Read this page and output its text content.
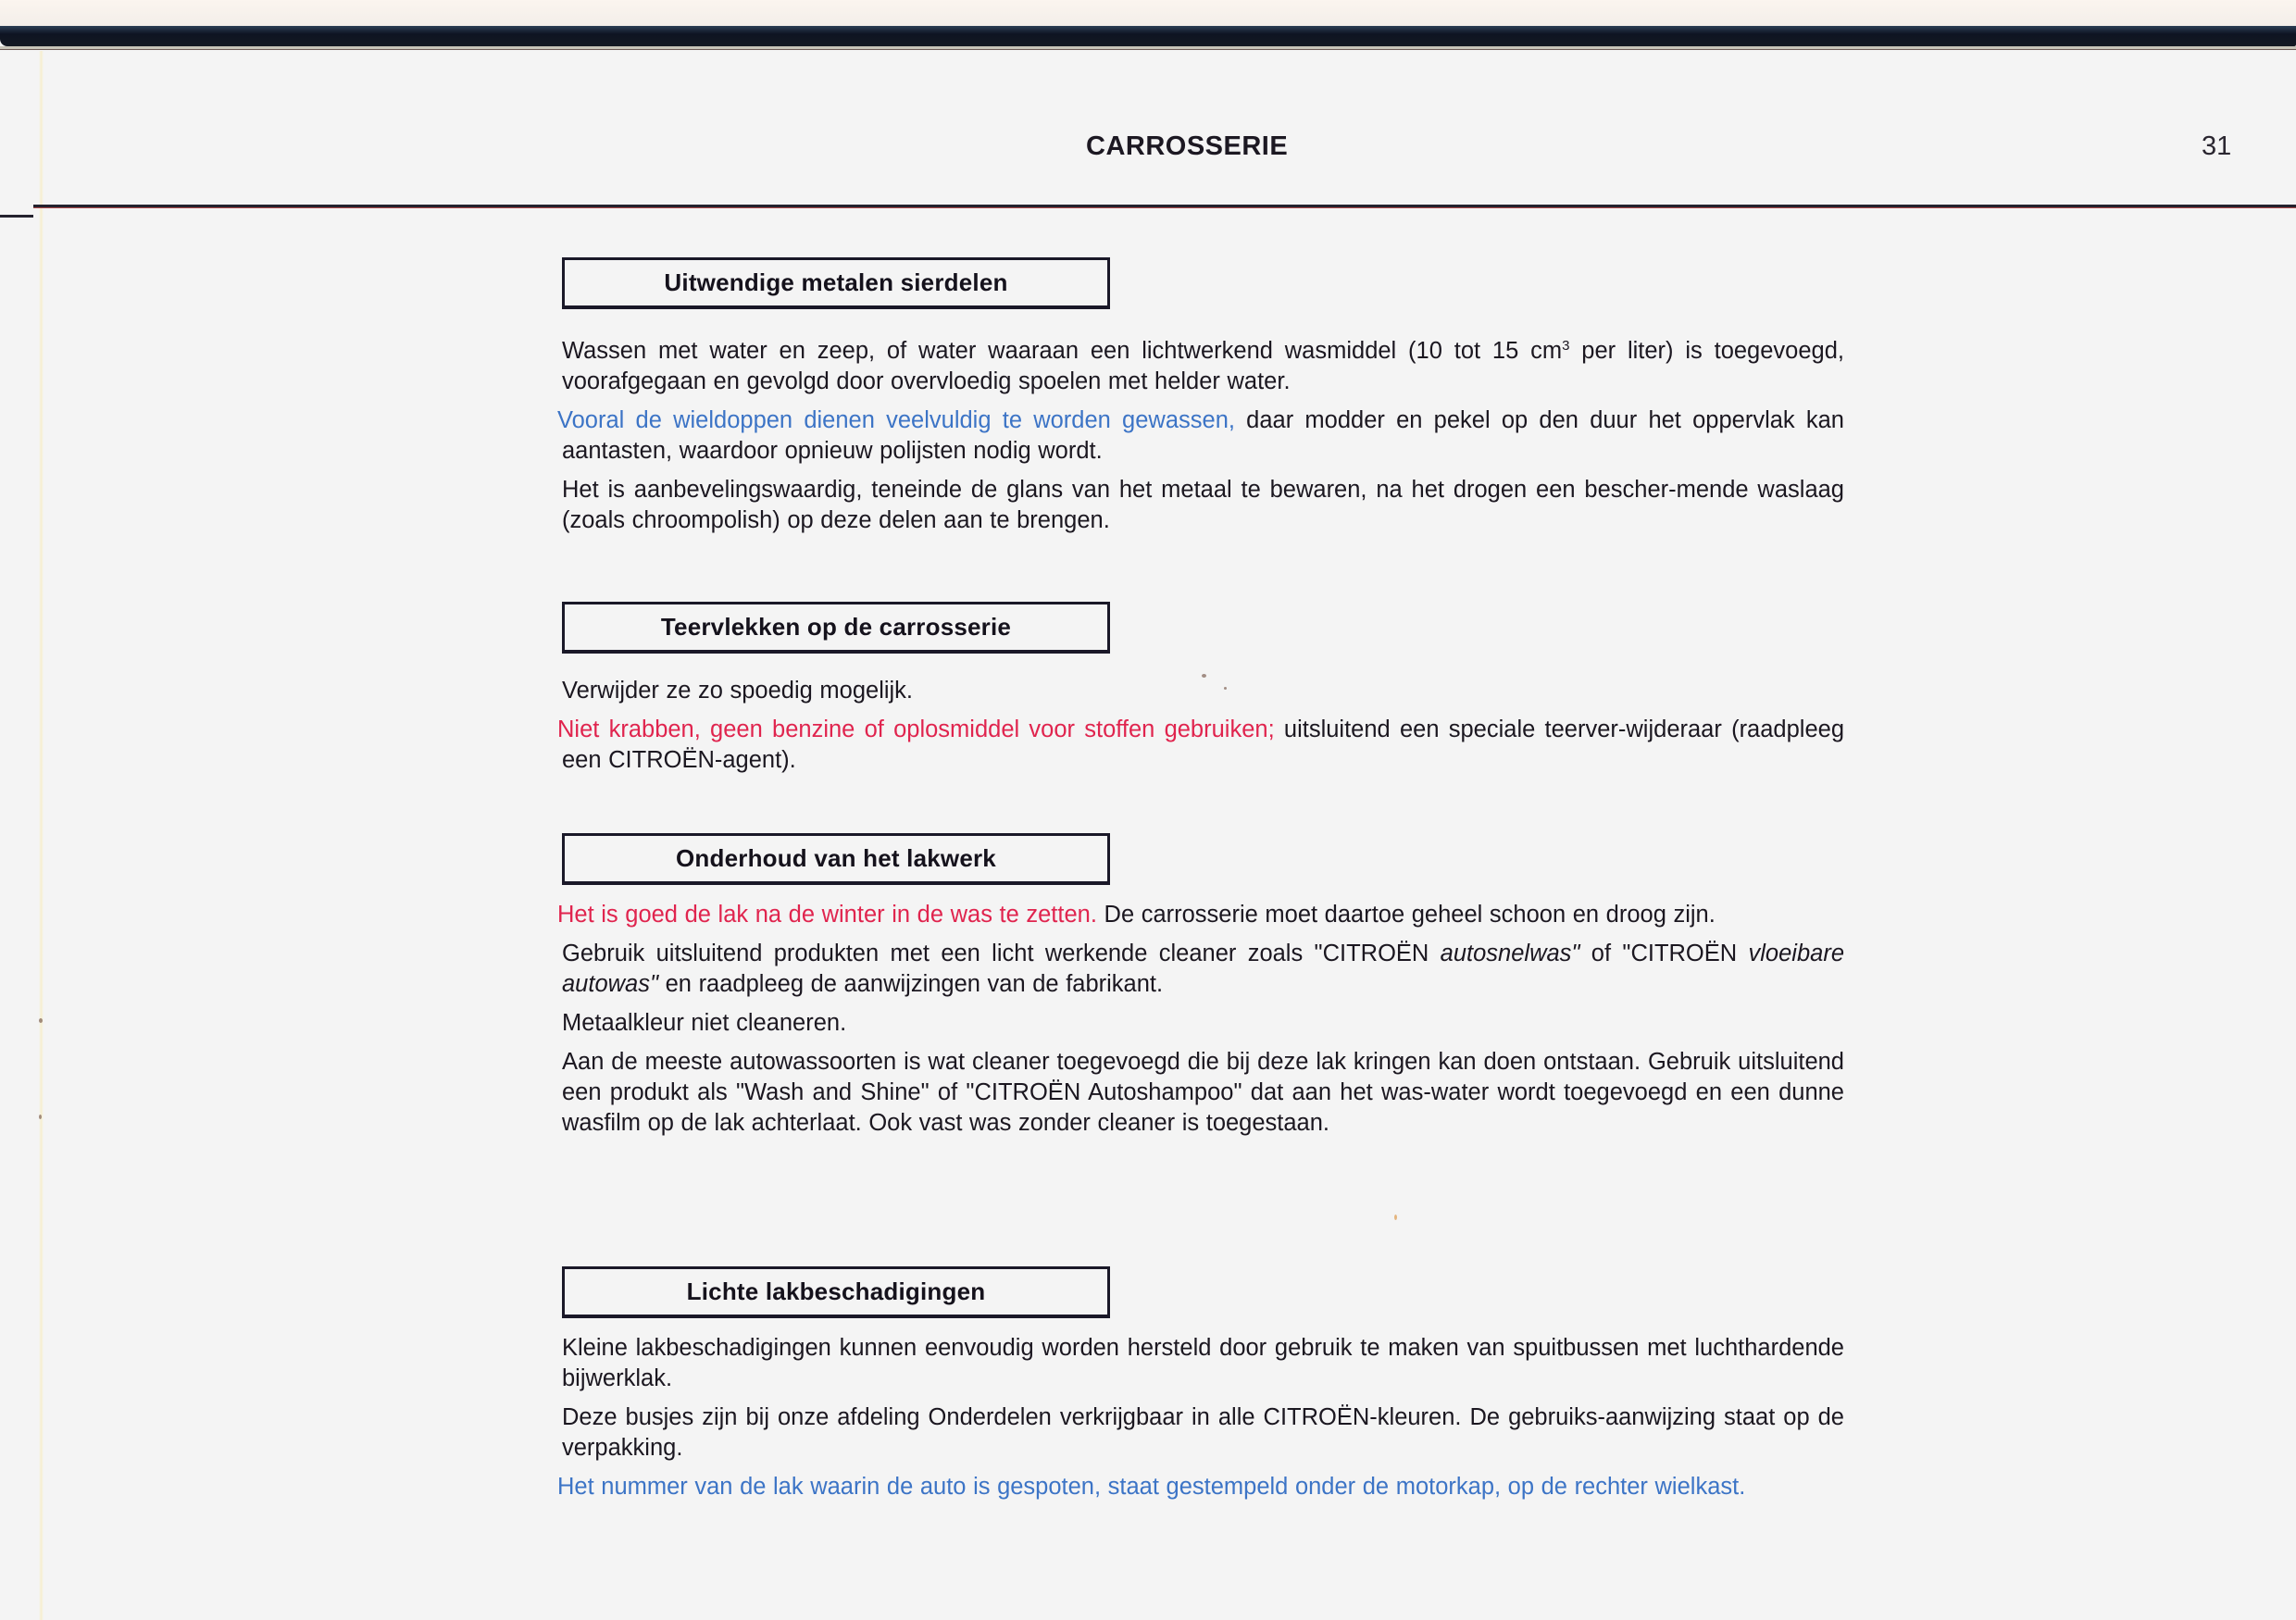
CARROSSERIE	31
Uitwendige metalen sierdelen

Wassen met water en zeep, of water waaraan een lichtwerkend wasmiddel (10 tot 15 $cm^3$ per liter) is toegevoegd, voorafgegaan en gevolgd door overvloedig spoelen met helder water.

Vooral de wieldoppen dienen veelvuldig te worden gewassen, daar modder en pekel op den duur het oppervlak kan aantasten, waardoor opnieuw polijsten nodig wordt.

Het is aanbevelingswaardig, teneinde de glans van het metaal te bewaren, na het drogen een bescher-mende waslaag (zoals chroompolish) op deze delen aan te brengen.

Teervlekken op de carrosserie

Verwijder ze zo spoedig mogelijk.

Niet krabben, geen benzine of oplosmiddel voor stoffen gebruiken; uitsluitend een speciale teerver-wijderaar (raadpleeg een CITROËN-agent).

Onderhoud van het lakwerk

Het is goed de lak na de winter in de was te zetten. De carrosserie moet daartoe geheel schoon en droog zijn.

Gebruik uitsluitend produkten met een licht werkende cleaner zoals "CITROËN autosnelwas" of "CITROËN vloeibare autowas" en raadpleeg de aanwijzingen van de fabrikant.

Metaalkleur niet cleaneren.

Aan de meeste autowassoorten is wat cleaner toegevoegd die bij deze lak kringen kan doen ontstaan. Gebruik uitsluitend een produkt als "Wash and Shine" of "CITROËN Autoshampoo" dat aan het was-water wordt toegevoegd en een dunne wasfilm op de lak achterlaat. Ook vast was zonder cleaner is toegestaan.

Lichte lakbeschadigingen

Kleine lakbeschadigingen kunnen eenvoudig worden hersteld door gebruik te maken van spuitbussen met luchthardende bijwerklak.

Deze busjes zijn bij onze afdeling Onderdelen verkrijgbaar in alle CITROËN-kleuren. De gebruiks-aanwijzing staat op de verpakking.

Het nummer van de lak waarin de auto is gespoten, staat gestempeld onder de motorkap, op de rechter wielkast.
